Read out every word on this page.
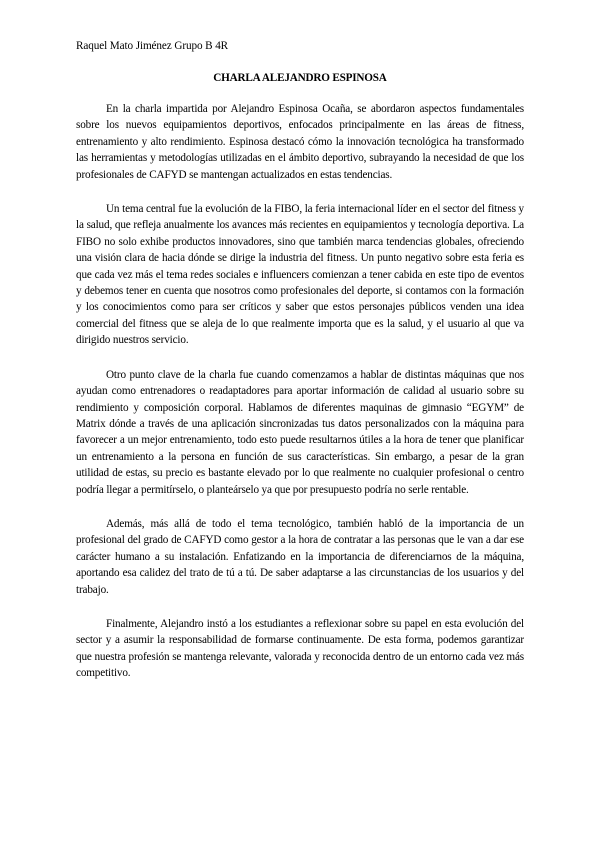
Raquel Mato Jiménez Grupo B 4R
CHARLA ALEJANDRO ESPINOSA

En la charla impartida por Alejandro Espinosa Ocaña, se abordaron aspectos fundamentales sobre los nuevos equipamientos deportivos, enfocados principalmente en las áreas de fitness, entrenamiento y alto rendimiento. Espinosa destacó cómo la innovación tecnológica ha transformado las herramientas y metodologías utilizadas en el ámbito deportivo, subrayando la necesidad de que los profesionales de CAFYD se mantengan actualizados en estas tendencias.

Un tema central fue la evolución de la FIBO, la feria internacional líder en el sector del fitness y la salud, que refleja anualmente los avances más recientes en equipamientos y tecnología deportiva. La FIBO no solo exhibe productos innovadores, sino que también marca tendencias globales, ofreciendo una visión clara de hacia dónde se dirige la industria del fitness. Un punto negativo sobre esta feria es que cada vez más el tema redes sociales e influencers comienzan a tener cabida en este tipo de eventos y debemos tener en cuenta que nosotros como profesionales del deporte, si contamos con la formación y los conocimientos como para ser críticos y saber que estos personajes públicos venden una idea comercial del fitness que se aleja de lo que realmente importa que es la salud, y el usuario al que va dirigido nuestros servicio.

Otro punto clave de la charla fue cuando comenzamos a hablar de distintas máquinas que nos ayudan como entrenadores o readaptadores para aportar información de calidad al usuario sobre su rendimiento y composición corporal. Hablamos de diferentes maquinas de gimnasio “EGYM” de Matrix dónde a través de una aplicación sincronizadas tus datos personalizados con la máquina para favorecer a un mejor entrenamiento, todo esto puede resultarnos útiles a la hora de tener que planificar un entrenamiento a la persona en función de sus características. Sin embargo, a pesar de la gran utilidad de estas, su precio es bastante elevado por lo que realmente no cualquier profesional o centro podría llegar a permitírselo, o planteárselo ya que por presupuesto podría no serle rentable.

Además, más allá de todo el tema tecnológico, también habló de la importancia de un profesional del grado de CAFYD como gestor a la hora de contratar a las personas que le van a dar ese carácter humano a su instalación. Enfatizando en la importancia de diferenciarnos de la máquina, aportando esa calidez del trato de tú a tú. De saber adaptarse a las circunstancias de los usuarios y del trabajo.

Finalmente, Alejandro instó a los estudiantes a reflexionar sobre su papel en esta evolución del sector y a asumir la responsabilidad de formarse continuamente. De esta forma, podemos garantizar que nuestra profesión se mantenga relevante, valorada y reconocida dentro de un entorno cada vez más competitivo.
